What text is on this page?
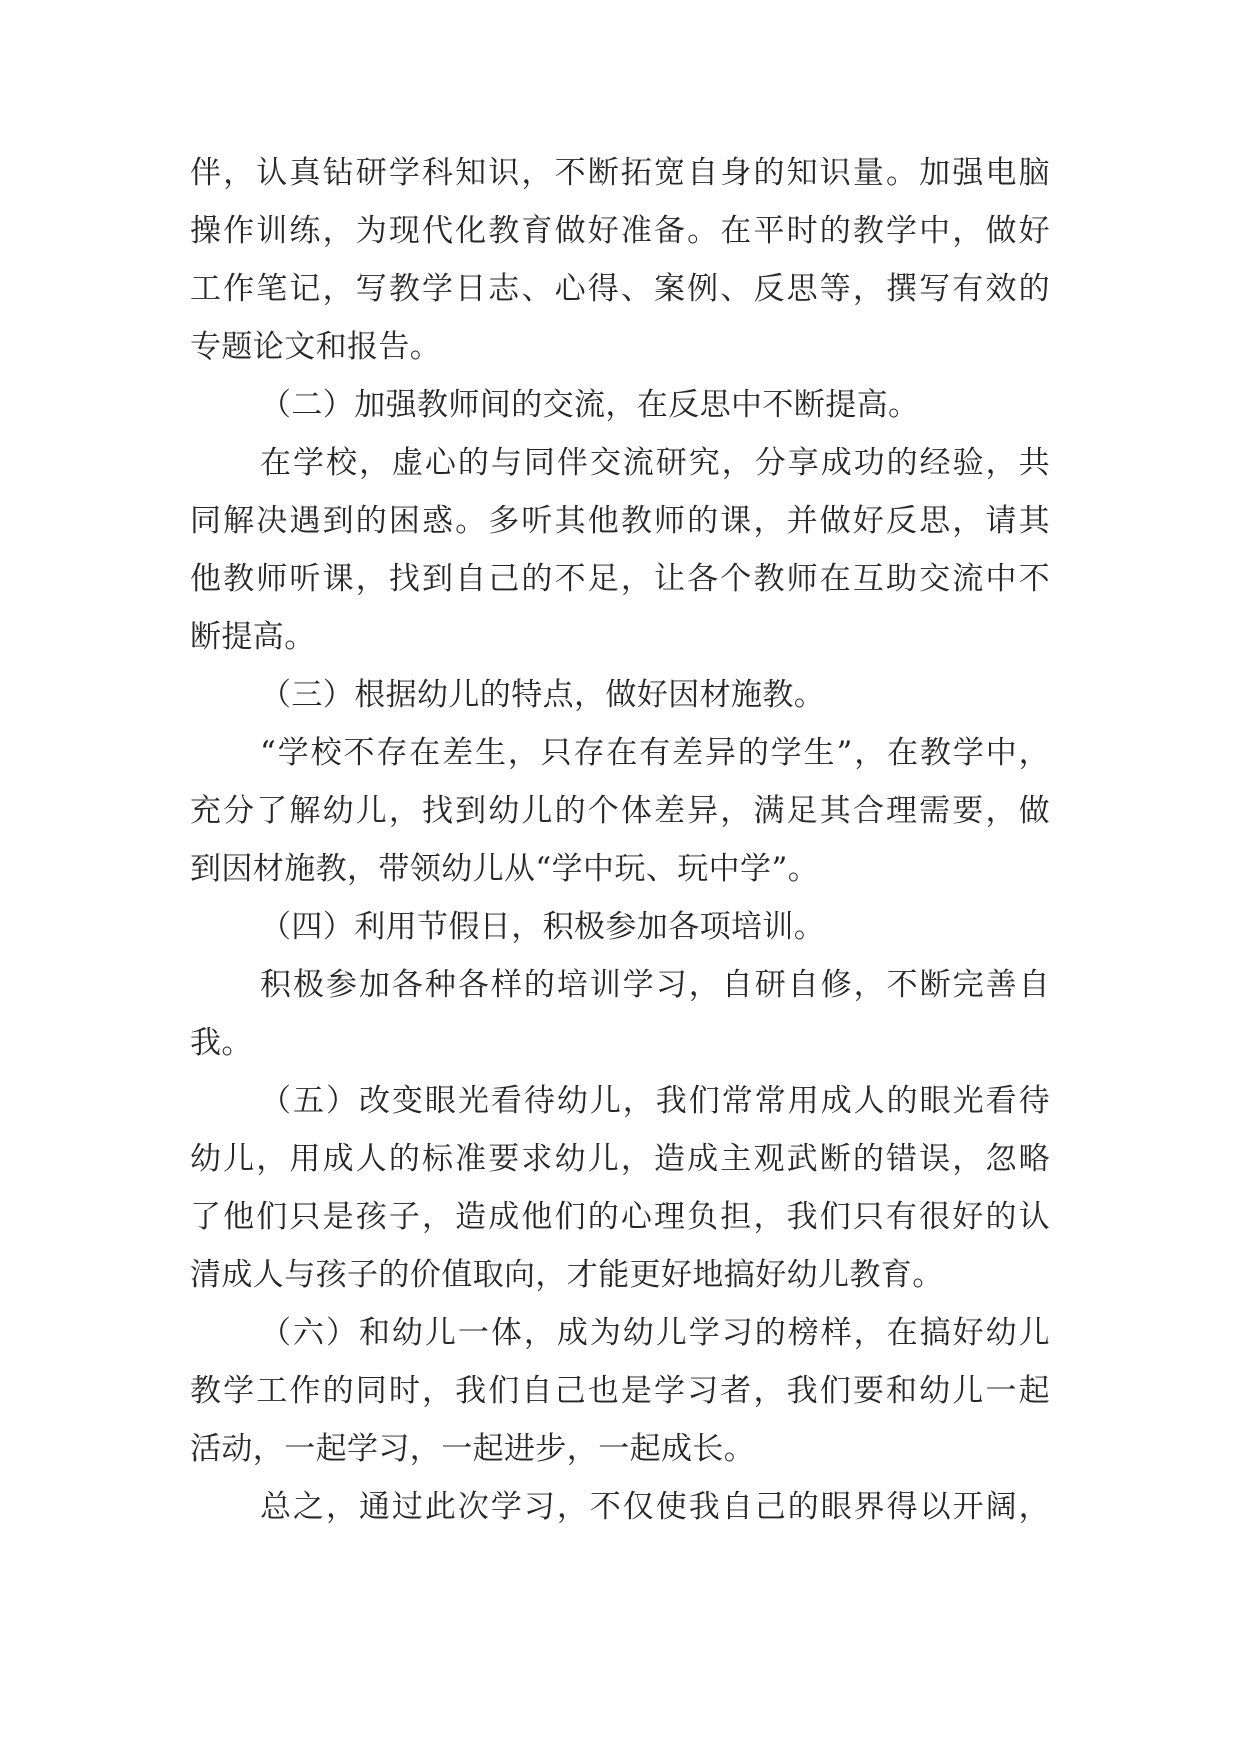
伴，认真钻研学科知识，不断拓宽自身的知识量。加强电脑
操作训练，为现代化教育做好准备。在平时的教学中，做好
工作笔记，写教学日志、心得、案例、反思等，撰写有效的
专题论文和报告。
（二）加强教师间的交流，在反思中不断提高。
在学校，虚心的与同伴交流研究，分享成功的经验，共
同解决遇到的困惑。多听其他教师的课，并做好反思，请其
他教师听课，找到自己的不足，让各个教师在互助交流中不
断提高。
（三）根据幼儿的特点，做好因材施教。
“学校不存在差生，只存在有差异的学生”，在教学中，
充分了解幼儿，找到幼儿的个体差异，满足其合理需要，做
到因材施教，带领幼儿从“学中玩、玩中学”。
（四）利用节假日，积极参加各项培训。
积极参加各种各样的培训学习，自研自修，不断完善自
我。
（五）改变眼光看待幼儿，我们常常用成人的眼光看待
幼儿，用成人的标准要求幼儿，造成主观武断的错误，忽略
了他们只是孩子，造成他们的心理负担，我们只有很好的认
清成人与孩子的价值取向，才能更好地搞好幼儿教育。
（六）和幼儿一体，成为幼儿学习的榜样，在搞好幼儿
教学工作的同时，我们自己也是学习者，我们要和幼儿一起
活动，一起学习，一起进步，一起成长。
总之，通过此次学习，不仅使我自己的眼界得以开阔，
